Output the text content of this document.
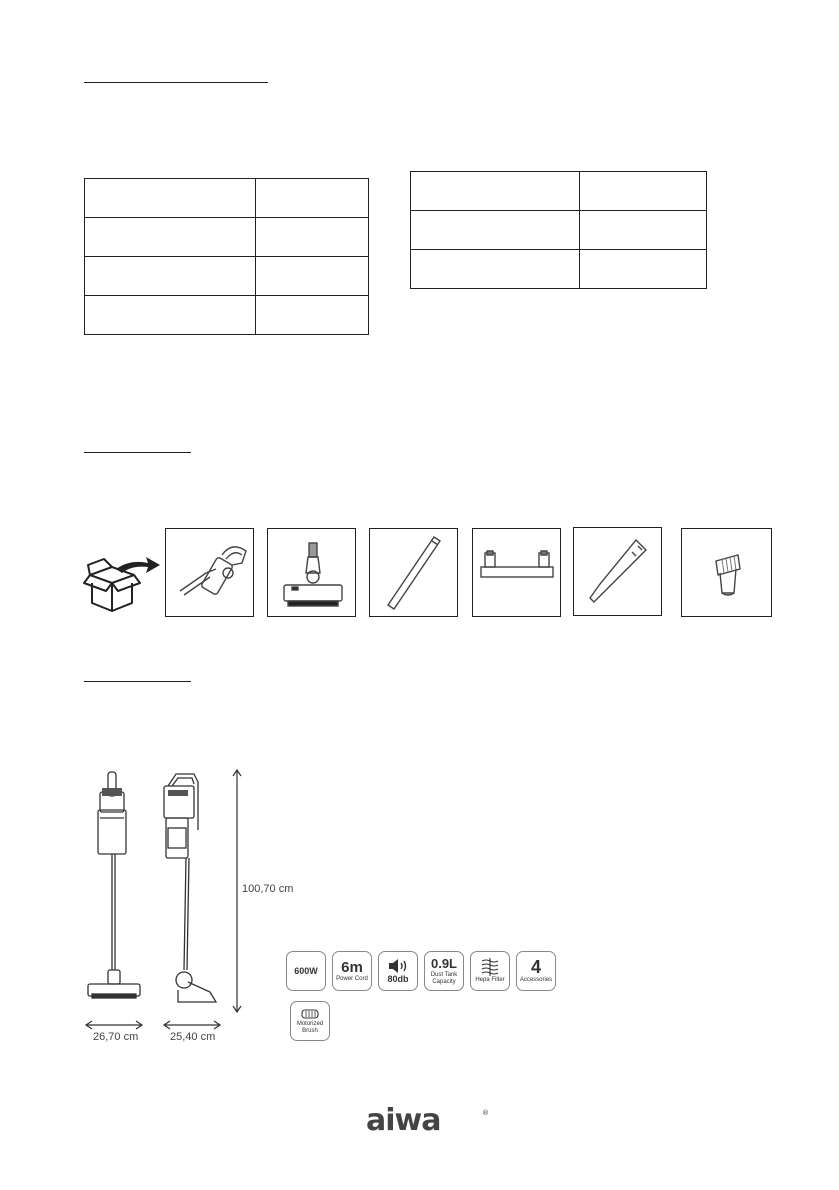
100,70 cm
26,70 cm	25,40 cm
600W 6m
Power Cord 80db
0.9L
Dust Tank Capacity	Hepa Filter
4
Accessories
Motorized Brush
aiwa	®
